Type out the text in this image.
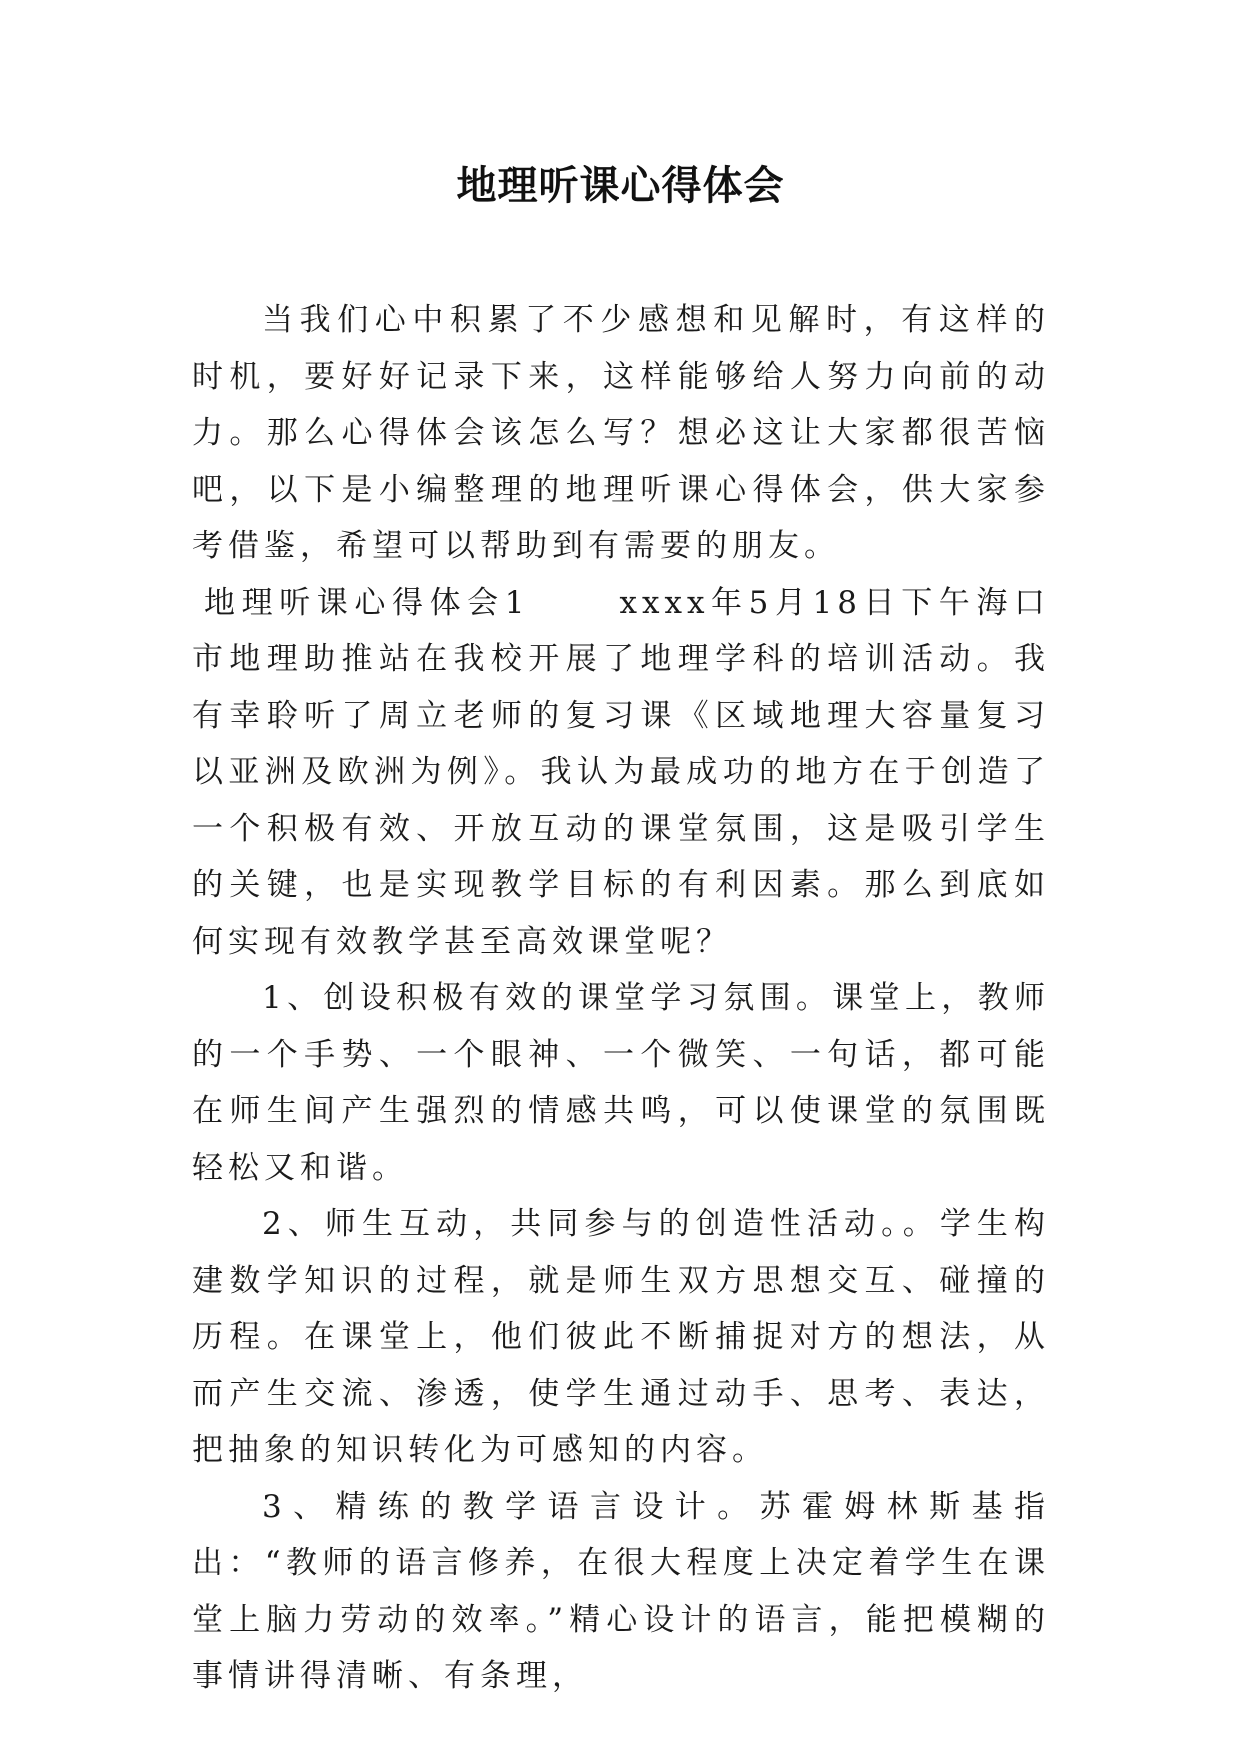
地理听课心得体会

当我们心中积累了不少感想和见解时，有这样的时机，要好好记录下来，这样能够给人努力向前的动力。那么心得体会该怎么写？想必这让大家都很苦恼吧，以下是小编整理的地理听课心得体会，供大家参考借鉴，希望可以帮助到有需要的朋友。

地理听课心得体会1	xxxx年5月18日下午海口市地理助推站在我校开展了地理学科的培训活动。我有幸聆听了周立老师的复习课《区域地理大容量复习以亚洲及欧洲为例》。我认为最成功的地方在于创造了一个积极有效、开放互动的课堂氛围，这是吸引学生的关键，也是实现教学目标的有利因素。那么到底如何实现有效教学甚至高效课堂呢？

1、创设积极有效的课堂学习氛围。课堂上，教师的一个手势、一个眼神、一个微笑、一句话，都可能在师生间产生强烈的情感共鸣，可以使课堂的氛围既轻松又和谐。

2、师生互动，共同参与的创造性活动。。学生构建数学知识的过程，就是师生双方思想交互、碰撞的历程。在课堂上，他们彼此不断捕捉对方的想法，从而产生交流、渗透，使学生通过动手、思考、表达，把抽象的知识转化为可感知的内容。

3、精练的教学语言设计。苏霍姆林斯基指出：“教师的语言修养，在很大程度上决定着学生在课堂上脑力劳动的效率。”精心设计的语言，能把模糊的事情讲得清晰、有条理，
